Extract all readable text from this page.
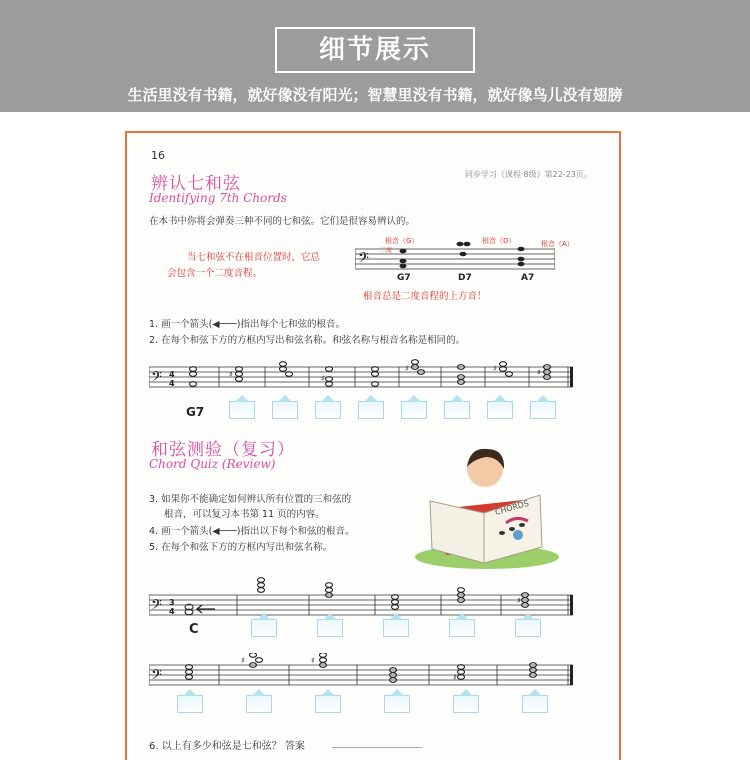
细节展示
生活里没有书籍，就好像没有阳光；智慧里没有书籍，就好像鸟儿没有翅膀
16
同步学习《课程·8级》第22-23页。
辨认七和弦
Identifying 7th Chords
在本书中你将会弹奏三种不同的七和弦。它们是很容易辨认的。
当七和弦不在根音位置时，它总
会包含一个二度音程。
𝄢
根音（G）	根音（D）	根音（A）
二度
G7	D7	A7
根音总是二度音程的上方音！
1. 画一个箭头(◀───)指出每个七和弦的根音。
2. 在每个和弦下方的方框内写出和弦名称。和弦名称与根音名称是相同的。
𝄢 4
4
♯	♯
♯	♯	♯
G7
和弦测验（复习）
Chord Quiz (Review)
3. 如果你不能确定如何辨认所有位置的三和弦的
根音，可以复习本书第 11 页的内容。
4. 画一个箭头(◀───)指出以下每个和弦的根音。
5. 在每个和弦下方的方框内写出和弦名称。
CHORDS
𝄢 3
4
♯
C
𝄢
♯	♯
♯
6. 以上有多少和弦是七和弦？ 答案
